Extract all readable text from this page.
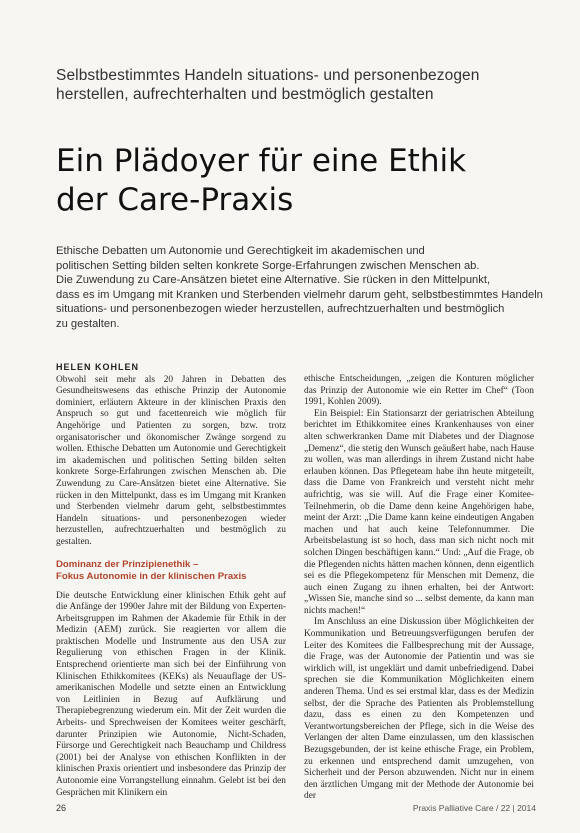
Selbstbestimmtes Handeln situations- und personenbezogen
herstellen, aufrechterhalten und bestmöglich gestalten
Ein Plädoyer für eine Ethik
der Care-Praxis
Ethische Debatten um Autonomie und Gerechtigkeit im akademischen und
politischen Setting bilden selten konkrete Sorge-Erfahrungen zwischen Menschen ab.
Die Zuwendung zu Care-Ansätzen bietet eine Alternative. Sie rücken in den Mittelpunkt,
dass es im Umgang mit Kranken und Sterbenden vielmehr darum geht, selbstbestimmtes Handeln
situations- und personenbezogen wieder herzustellen, aufrechtzuerhalten und bestmöglich
zu gestalten.
HELEN KOHLEN

Obwohl seit mehr als 20 Jahren in Debatten des Gesundheitswesens das ethische Prinzip der Autonomie dominiert, erläutern Akteure in der klinischen Praxis den Anspruch so gut und facettenreich wie möglich für Angehörige und Patienten zu sorgen, bzw. trotz organisatorischer und ökonomischer Zwänge sorgend zu wollen. Ethische Debatten um Autonomie und Gerechtigkeit im akademischen und politischen Setting bilden selten konkrete Sorge-Erfahrungen zwischen Menschen ab. Die Zuwendung zu Care-Ansätzen bietet eine Alternative. Sie rücken in den Mittelpunkt, dass es im Umgang mit Kranken und Sterbenden vielmehr darum geht, selbstbestimmtes Handeln situations- und personenbezogen wieder herzustellen, aufrechtzuerhalten und bestmöglich zu gestalten.

Dominanz der Prinzipienethik –
Fokus Autonomie in der klinischen Praxis

Die deutsche Entwicklung einer klinischen Ethik geht auf die Anfänge der 1990er Jahre mit der Bildung von Experten-Arbeitsgruppen im Rahmen der Akademie für Ethik in der Medizin (AEM) zurück. Sie reagierten vor allem die praktischen Modelle und Instrumente aus den USA zur Regulierung von ethischen Fragen in der Klinik. Entsprechend orientierte man sich bei der Einführung von Klinischen Ethikkomitees (KEKs) als Neuauflage der US-amerikanischen Modelle und setzte einen an Entwicklung von Leitlinien in Bezug auf Aufklärung und Therapiebegrenzung wiederum ein. Mit der Zeit wurden die Arbeits- und Sprechweisen der Komitees weiter geschärft, darunter Prinzipien wie Autonomie, Nicht-Schaden, Fürsorge und Gerechtigkeit nach Beauchamp und Childress (2001) bei der Analyse von ethischen Konflikten in der klinischen Praxis orientiert und insbesondere das Prinzip der Autonomie eine Vorrangstellung einnahm. Gelebt ist bei den Gesprächen mit Klinikern ein

ethische Entscheidungen, „zeigen die Konturen möglicher das Prinzip der Autonomie wie ein Retter im Chef“ (Toon 1991, Kohlen 2009).

Ein Beispiel: Ein Stationsarzt der geriatrischen Abteilung berichtet im Ethikkomitee eines Krankenhauses von einer alten schwerkranken Dame mit Diabetes und der Diagnose „Demenz“, die stetig den Wunsch geäußert habe, nach Hause zu wollen, was man allerdings in ihrem Zustand nicht habe erlauben können. Das Pflegeteam habe ihn heute mitgeteilt, dass die Dame von Frankreich und versteht nicht mehr aufrichtig, was sie will. Auf die Frage einer Komitee-Teilnehmerin, ob die Dame denn keine Angehörigen habe, meint der Arzt: „Die Dame kann keine eindeutigen Angaben machen und hat auch keine Telefonnummer. Die Arbeitsbelastung ist so hoch, dass man sich nicht noch mit solchen Dingen beschäftigen kann.“ Und: „Auf die Frage, ob die Pflegenden nichts hätten machen können, denn eigentlich sei es die Pflegekompetenz für Menschen mit Demenz, die auch einen Zugang zu ihnen erhalten, bei der Antwort: „Wissen Sie, manche sind so ... selbst demente, da kann man nichts machen!“

Im Anschluss an eine Diskussion über Möglichkeiten der Kommunikation und Betreuungsverfügungen berufen der Leiter des Komitees die Fallbesprechung mit der Aussage, die Frage, was der Autonomie der Patientin und was sie wirklich will, ist ungeklärt und damit unbefriedigend. Dabei sprechen sie die Kommunikation Möglichkeiten einem anderen Thema. Und es sei erstmal klar, dass es der Medizin selbst, der die Sprache des Patienten als Problemstellung dazu, dass es einen zu den Kompetenzen und Verantwortungsbereichen der Pflege, sich in die Weise des Verlangen der alten Dame einzulassen, um den klassischen Bezugsgebunden, der ist keine ethische Frage, ein Problem, zu erkennen und entsprechend damit umzugehen, von Sicherheit und der Person abzuwenden. Nicht nur in einem den ärztlichen Umgang mit der Methode der Autonomie bei der

26	Praxis Palliative Care / 22 | 2014
